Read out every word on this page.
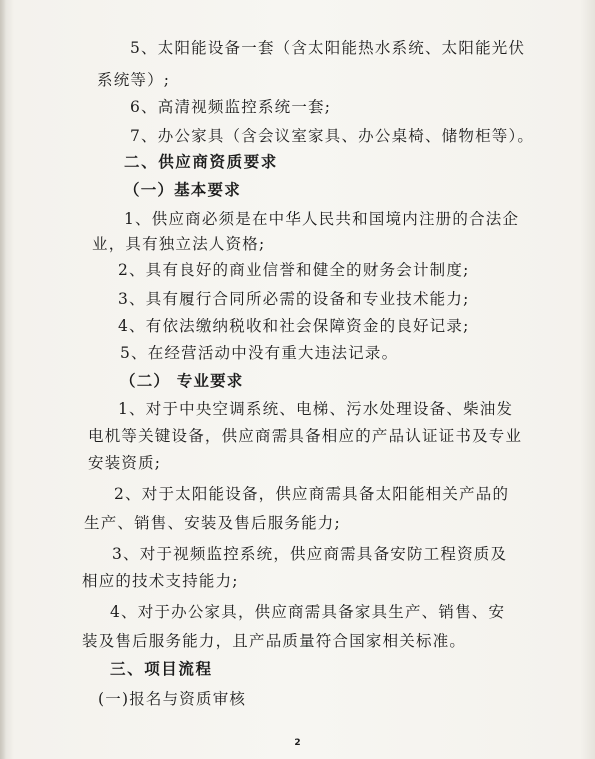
5、太阳能设备一套（含太阳能热水系统、太阳能光伏
系统等）;
6、高清视频监控系统一套;
7、办公家具（含会议室家具、办公桌椅、储物柜等）。
二、供应商资质要求
（一）基本要求
1、供应商必须是在中华人民共和国境内注册的合法企
业，具有独立法人资格;
2、具有良好的商业信誉和健全的财务会计制度;
3、具有履行合同所必需的设备和专业技术能力;
4、有依法缴纳税收和社会保障资金的良好记录;
5、在经营活动中没有重大违法记录。
（二） 专业要求
1、对于中央空调系统、电梯、污水处理设备、柴油发
电机等关键设备，供应商需具备相应的产品认证证书及专业
安装资质;
2、对于太阳能设备，供应商需具备太阳能相关产品的
生产、销售、安装及售后服务能力;
3、对于视频监控系统，供应商需具备安防工程资质及
相应的技术支持能力;
4、对于办公家具，供应商需具备家具生产、销售、安
装及售后服务能力，且产品质量符合国家相关标准。
三、项目流程
(一)报名与资质审核
2
